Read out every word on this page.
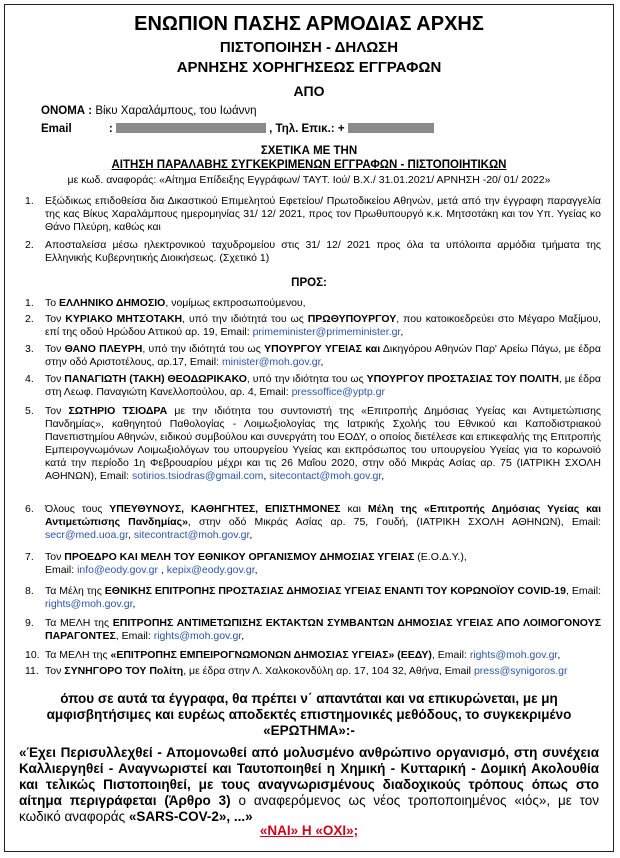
ΕΝΩΠΙΟΝ ΠΑΣΗΣ ΑΡΜΟΔΙΑΣ ΑΡΧΗΣ
ΠΙΣΤΟΠΟΙΗΣΗ - ΔΗΛΩΣΗ
ΑΡΝΗΣΗΣ ΧΟΡΗΓΗΣΕΩΣ ΕΓΓΡΑΦΩΝ
ΑΠΟ
ΟΝΟΜΑ : Βίκυ Χαραλάμπους, του Ιωάννη
Email	:	, Τηλ. Επικ.: +
ΣΧΕΤΙΚΑ ΜΕ ΤΗΝ
ΑΙΤΗΣΗ ΠΑΡΑΛΑΒΗΣ ΣΥΓΚΕΚΡΙΜΕΝΩΝ ΕΓΓΡΑΦΩΝ - ΠΙΣΤΟΠΟΙΗΤΙΚΩΝ
με κωδ. αναφοράς: «Αίτημα Επίδειξης Εγγράφων/ ΤΑΥΤ. Ιού/ Β.Χ./ 31.01.2021/ ΑΡΝΗΣΗ -20/ 01/ 2022»
1.	Εξώδικως επιδοθείσα δια Δικαστικού Επιμελητού Εφετείου/ Πρωτοδικείου Αθηνών, μετά από την έγγραφη παραγγελία της κας Βίκυς Χαραλάμπους ημερομηνίας 31/ 12/ 2021, προς τον Πρωθυπουργό κ.κ. Μητσοτάκη και τον Υπ. Υγείας κο Θάνο Πλεύρη, καθώς και
2.	Αποσταλείσα μέσω ηλεκτρονικού ταχυδρομείου στις 31/ 12/ 2021 προς όλα τα υπόλοιπα αρμόδια τμήματα της Ελληνικής Κυβερνητικής Διοικήσεως. (Σχετικό 1)
ΠΡΟΣ:
1.	Το ΕΛΛΗΝΙΚΟ ΔΗΜΟΣΙΟ, νομίμως εκπροσωπούμενου,
2.	Τον ΚΥΡΙΑΚΟ ΜΗΤΣΟΤΑΚΗ, υπό την ιδιότητά του ως ΠΡΩΘΥΠΟΥΡΓΟΥ, που κατοικοεδρεύει στο Μέγαρο Μαξίμου, επί της οδού Ηρώδου Αττικού αρ. 19, Email: primeminister@primeminister.gr,
3.	Τον ΘΑΝΟ ΠΛΕΥΡΗ, υπό την ιδιότητά του ως ΥΠΟΥΡΓΟΥ ΥΓΕΙΑΣ και Δικηγόρου Αθηνών Παρ' Αρείω Πάγω, με έδρα στην οδό Αριστοτέλους, αρ.17, Email: minister@moh.gov.gr,
4.	Τον ΠΑΝΑΓΙΩΤΗ (ΤΑΚΗ) ΘΕΟΔΩΡΙΚΑΚΟ, υπό την ιδιότητα του ως ΥΠΟΥΡΓΟΥ ΠΡΟΣΤΑΣΙΑΣ ΤΟΥ ΠΟΛΙΤΗ, με έδρα στη Λεωφ. Παναγιώτη Κανελλοπούλου, αρ. 4, Email: pressoffice@yptp.gr
5.	Τον ΣΩΤΗΡΙΟ ΤΣΙΟΔΡΑ με την ιδιότητα του συντονιστή της «Επιτροπής Δημόσιας Υγείας και Αντιμετώπισης Πανδημίας», καθηγητού Παθολογίας - Λοιμωξιολογίας της Ιατρικής Σχολής του Εθνικού και Καποδιστριακού Πανεπιστημίου Αθηνών, ειδικού συμβούλου και συνεργάτη του ΕΟΔΥ, ο οποίος διετέλεσε και επικεφαλής της Επιτροπής Εμπειρογνωμόνων Λοιμωξιολόγων του υπουργείου Υγείας και εκπρόσωπος του υπουργείου Υγείας για το κορωνοϊό κατά την περίοδο 1η Φεβρουαρίου μέχρι και τις 26 Μαΐου 2020, στην οδό Μικράς Ασίας αρ. 75 (ΙΑΤΡΙΚΗ ΣΧΟΛΗ ΑΘΗΝΩΝ), Email: sotirios.tsiodras@gmail.com, sitecontact@moh.gov.gr,
6.	Όλους τους ΥΠΕΥΘΥΝΟΥΣ, ΚΑΘΗΓΗΤΕΣ, ΕΠΙΣΤΗΜΟΝΕΣ και Μέλη της «Επιτροπής Δημόσιας Υγείας και Αντιμετώπισης Πανδημίας», στην οδό Μικράς Ασίας αρ. 75, Γουδή, (ΙΑΤΡΙΚΗ ΣΧΟΛΗ ΑΘΗΝΩΝ), Email: secr@med.uoa.gr, sitecontract@moh.gov.gr,
7.	Τον ΠΡΟΕΔΡΟ ΚΑΙ ΜΕΛΗ ΤΟΥ ΕΘΝΙΚΟΥ ΟΡΓΑΝΙΣΜΟΥ ΔΗΜΟΣΙΑΣ ΥΓΕΙΑΣ (Ε.Ο.Δ.Υ.),
Email: info@eody.gov.gr , kepix@eody.gov.gr,
8.	Τα Μέλη της ΕΘΝΙΚΗΣ ΕΠΙΤΡΟΠΗΣ ΠΡΟΣΤΑΣΙΑΣ ΔΗΜΟΣΙΑΣ ΥΓΕΙΑΣ ΕΝΑΝΤΙ ΤΟΥ ΚΟΡΩΝΟΪΟΥ COVID-19, Email: rights@moh.gov.gr,
9.	Τα ΜΕΛΗ της ΕΠΙΤΡΟΠΗΣ ΑΝΤΙΜΕΤΩΠΙΣΗΣ ΕΚΤΑΚΤΩΝ ΣΥΜΒΑΝΤΩΝ ΔΗΜΟΣΙΑΣ ΥΓΕΙΑΣ ΑΠΟ ΛΟΙΜΟΓΟΝΟΥΣ ΠΑΡΑΓΟΝΤΕΣ, Email: rights@moh.gov.gr,
10. Τα ΜΕΛΗ της «ΕΠΙΤΡΟΠΗΣ ΕΜΠΕΙΡΟΓΝΩΜΟΝΩΝ ΔΗΜΟΣΙΑΣ ΥΓΕΙΑΣ» (ΕΕΔΥ), Email: rights@moh.gov.gr,
11. Τον ΣΥΝΗΓΟΡΟ ΤΟΥ Πολίτη, με έδρα στην Λ. Χαλκοκονδύλη αρ. 17, 104 32, Αθήνα, Email press@synigoros.gr
όπου σε αυτά τα έγγραφα, θα πρέπει ν΄ απαντάται και να επικυρώνεται, με μη αμφισβητήσιμες και ευρέως αποδεκτές επιστημονικές μεθόδους, το συγκεκριμένο «ΕΡΩΤΗΜΑ»:-
«Έχει Περισυλλεχθεί - Απομονωθεί από μολυσμένο ανθρώπινο οργανισμό, στη συνέχεια Καλλιεργηθεί - Αναγνωριστεί και Ταυτοποιηθεί η Χημική - Κυτταρική - Δομική Ακολουθία και τελικώς Πιστοποιηθεί, με τους αναγνωρισμένους διαδοχικούς τρόπους όπως στο αίτημα περιγράφεται (Άρθρο 3) ο αναφερόμενος ως νέος τροποποιημένος «ιός», με τον κωδικό αναφοράς «SARS-COV-2», ...»
«ΝΑΙ» Η «ΟΧΙ»;
